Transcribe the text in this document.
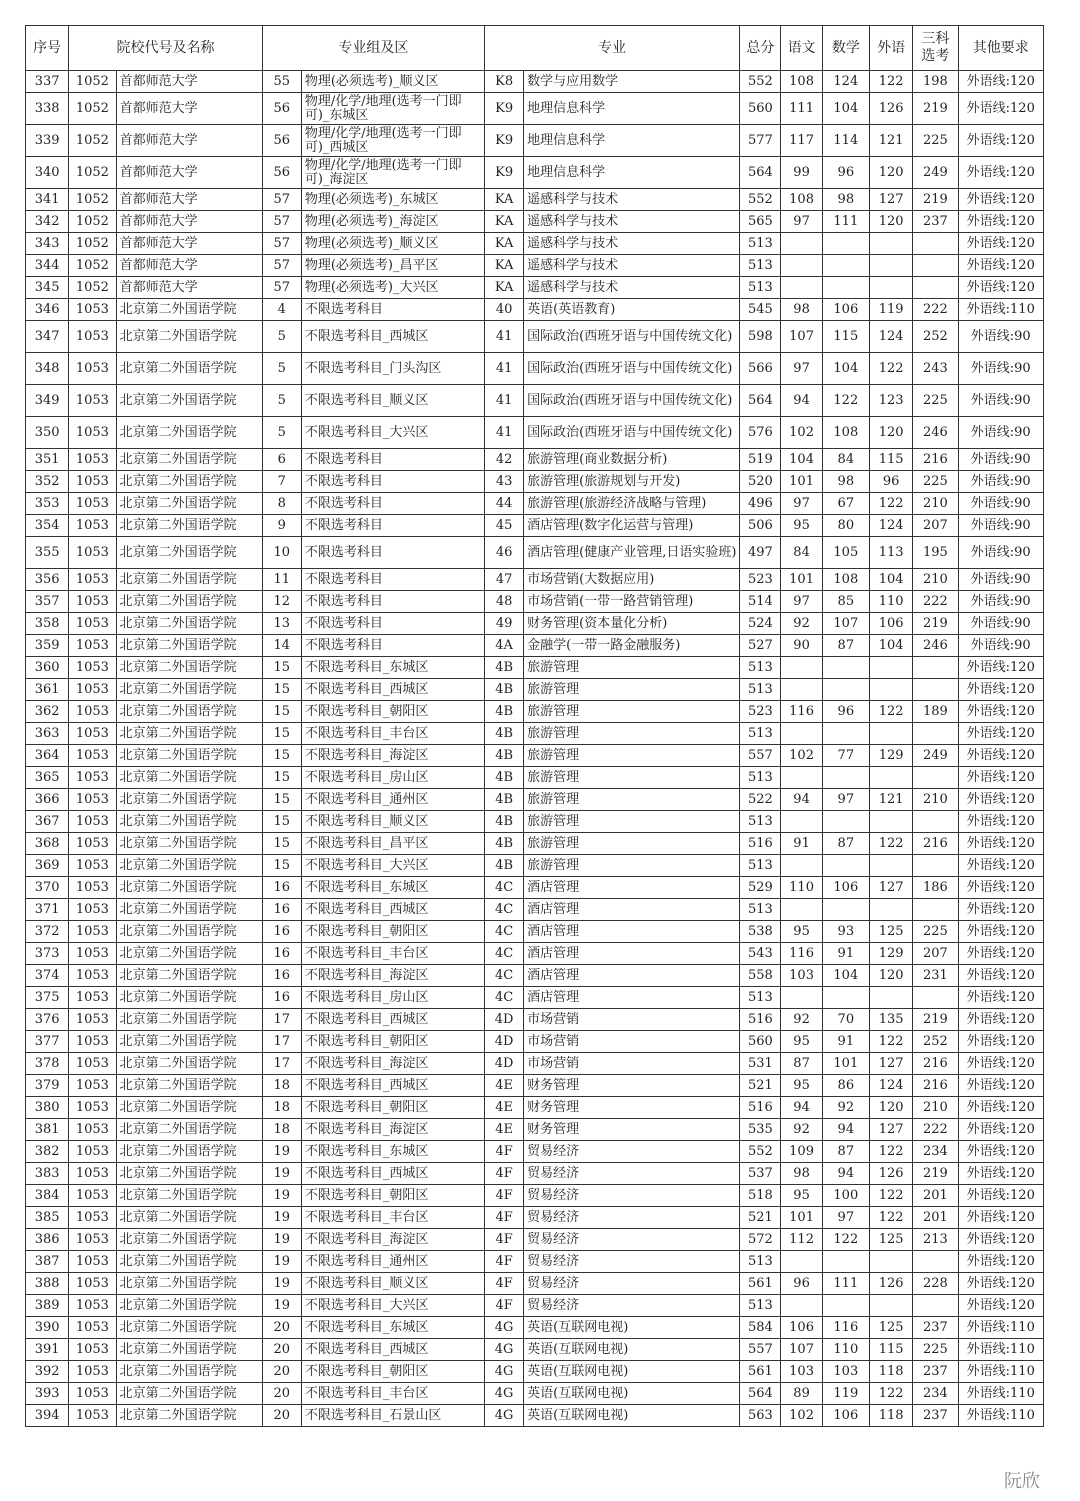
序号	院校代号及名称		专业组及区		专业		总分	语文	数学	外语	三科选考	其他要求
337	1052	首都师范大学	55	物理(必须选考)_顺义区	K8	数学与应用数学	552	108	124	122	198	外语线:120
338	1052	首都师范大学	56	物理/化学/地理(选考一门即可)_东城区	K9	地理信息科学	560	111	104	126	219	外语线:120
339	1052	首都师范大学	56	物理/化学/地理(选考一门即可)_西城区	K9	地理信息科学	577	117	114	121	225	外语线:120
340	1052	首都师范大学	56	物理/化学/地理(选考一门即可)_海淀区	K9	地理信息科学	564	99	96	120	249	外语线:120
341	1052	首都师范大学	57	物理(必须选考)_东城区	KA	遥感科学与技术	552	108	98	127	219	外语线:120
342	1052	首都师范大学	57	物理(必须选考)_海淀区	KA	遥感科学与技术	565	97	111	120	237	外语线:120
343	1052	首都师范大学	57	物理(必须选考)_顺义区	KA	遥感科学与技术	513					外语线:120
344	1052	首都师范大学	57	物理(必须选考)_昌平区	KA	遥感科学与技术	513					外语线:120
345	1052	首都师范大学	57	物理(必须选考)_大兴区	KA	遥感科学与技术	513					外语线:120
346	1053	北京第二外国语学院	4	不限选考科目	40	英语(英语教育)	545	98	106	119	222	外语线:110
347	1053	北京第二外国语学院	5	不限选考科目_西城区	41	国际政治(西班牙语与中国传统文化)	598	107	115	124	252	外语线:90
348	1053	北京第二外国语学院	5	不限选考科目_门头沟区	41	国际政治(西班牙语与中国传统文化)	566	97	104	122	243	外语线:90
349	1053	北京第二外国语学院	5	不限选考科目_顺义区	41	国际政治(西班牙语与中国传统文化)	564	94	122	123	225	外语线:90
350	1053	北京第二外国语学院	5	不限选考科目_大兴区	41	国际政治(西班牙语与中国传统文化)	576	102	108	120	246	外语线:90
351	1053	北京第二外国语学院	6	不限选考科目	42	旅游管理(商业数据分析)	519	104	84	115	216	外语线:90
352	1053	北京第二外国语学院	7	不限选考科目	43	旅游管理(旅游规划与开发)	520	101	98	96	225	外语线:90
353	1053	北京第二外国语学院	8	不限选考科目	44	旅游管理(旅游经济战略与管理)	496	97	67	122	210	外语线:90
354	1053	北京第二外国语学院	9	不限选考科目	45	酒店管理(数字化运营与管理)	506	95	80	124	207	外语线:90
355	1053	北京第二外国语学院	10	不限选考科目	46	酒店管理(健康产业管理,日语实验班)	497	84	105	113	195	外语线:90
356	1053	北京第二外国语学院	11	不限选考科目	47	市场营销(大数据应用)	523	101	108	104	210	外语线:90
357	1053	北京第二外国语学院	12	不限选考科目	48	市场营销(一带一路营销管理)	514	97	85	110	222	外语线:90
358	1053	北京第二外国语学院	13	不限选考科目	49	财务管理(资本量化分析)	524	92	107	106	219	外语线:90
359	1053	北京第二外国语学院	14	不限选考科目	4A	金融学(一带一路金融服务)	527	90	87	104	246	外语线:90
360	1053	北京第二外国语学院	15	不限选考科目_东城区	4B	旅游管理	513					外语线:120
361	1053	北京第二外国语学院	15	不限选考科目_西城区	4B	旅游管理	513					外语线:120
362	1053	北京第二外国语学院	15	不限选考科目_朝阳区	4B	旅游管理	523	116	96	122	189	外语线:120
363	1053	北京第二外国语学院	15	不限选考科目_丰台区	4B	旅游管理	513					外语线:120
364	1053	北京第二外国语学院	15	不限选考科目_海淀区	4B	旅游管理	557	102	77	129	249	外语线:120
365	1053	北京第二外国语学院	15	不限选考科目_房山区	4B	旅游管理	513					外语线:120
366	1053	北京第二外国语学院	15	不限选考科目_通州区	4B	旅游管理	522	94	97	121	210	外语线:120
367	1053	北京第二外国语学院	15	不限选考科目_顺义区	4B	旅游管理	513					外语线:120
368	1053	北京第二外国语学院	15	不限选考科目_昌平区	4B	旅游管理	516	91	87	122	216	外语线:120
369	1053	北京第二外国语学院	15	不限选考科目_大兴区	4B	旅游管理	513					外语线:120
370	1053	北京第二外国语学院	16	不限选考科目_东城区	4C	酒店管理	529	110	106	127	186	外语线:120
371	1053	北京第二外国语学院	16	不限选考科目_西城区	4C	酒店管理	513					外语线:120
372	1053	北京第二外国语学院	16	不限选考科目_朝阳区	4C	酒店管理	538	95	93	125	225	外语线:120
373	1053	北京第二外国语学院	16	不限选考科目_丰台区	4C	酒店管理	543	116	91	129	207	外语线:120
374	1053	北京第二外国语学院	16	不限选考科目_海淀区	4C	酒店管理	558	103	104	120	231	外语线:120
375	1053	北京第二外国语学院	16	不限选考科目_房山区	4C	酒店管理	513					外语线:120
376	1053	北京第二外国语学院	17	不限选考科目_西城区	4D	市场营销	516	92	70	135	219	外语线:120
377	1053	北京第二外国语学院	17	不限选考科目_朝阳区	4D	市场营销	560	95	91	122	252	外语线:120
378	1053	北京第二外国语学院	17	不限选考科目_海淀区	4D	市场营销	531	87	101	127	216	外语线:120
379	1053	北京第二外国语学院	18	不限选考科目_西城区	4E	财务管理	521	95	86	124	216	外语线:120
380	1053	北京第二外国语学院	18	不限选考科目_朝阳区	4E	财务管理	516	94	92	120	210	外语线:120
381	1053	北京第二外国语学院	18	不限选考科目_海淀区	4E	财务管理	535	92	94	127	222	外语线:120
382	1053	北京第二外国语学院	19	不限选考科目_东城区	4F	贸易经济	552	109	87	122	234	外语线:120
383	1053	北京第二外国语学院	19	不限选考科目_西城区	4F	贸易经济	537	98	94	126	219	外语线:120
384	1053	北京第二外国语学院	19	不限选考科目_朝阳区	4F	贸易经济	518	95	100	122	201	外语线:120
385	1053	北京第二外国语学院	19	不限选考科目_丰台区	4F	贸易经济	521	101	97	122	201	外语线:120
386	1053	北京第二外国语学院	19	不限选考科目_海淀区	4F	贸易经济	572	112	122	125	213	外语线:120
387	1053	北京第二外国语学院	19	不限选考科目_通州区	4F	贸易经济	513					外语线:120
388	1053	北京第二外国语学院	19	不限选考科目_顺义区	4F	贸易经济	561	96	111	126	228	外语线:120
389	1053	北京第二外国语学院	19	不限选考科目_大兴区	4F	贸易经济	513					外语线:120
390	1053	北京第二外国语学院	20	不限选考科目_东城区	4G	英语(互联网电视)	584	106	116	125	237	外语线:110
391	1053	北京第二外国语学院	20	不限选考科目_西城区	4G	英语(互联网电视)	557	107	110	115	225	外语线:110
392	1053	北京第二外国语学院	20	不限选考科目_朝阳区	4G	英语(互联网电视)	561	103	103	118	237	外语线:110
393	1053	北京第二外国语学院	20	不限选考科目_丰台区	4G	英语(互联网电视)	564	89	119	122	234	外语线:110
394	1053	北京第二外国语学院	20	不限选考科目_石景山区	4G	英语(互联网电视)	563	102	106	118	237	外语线:110
阮欣
